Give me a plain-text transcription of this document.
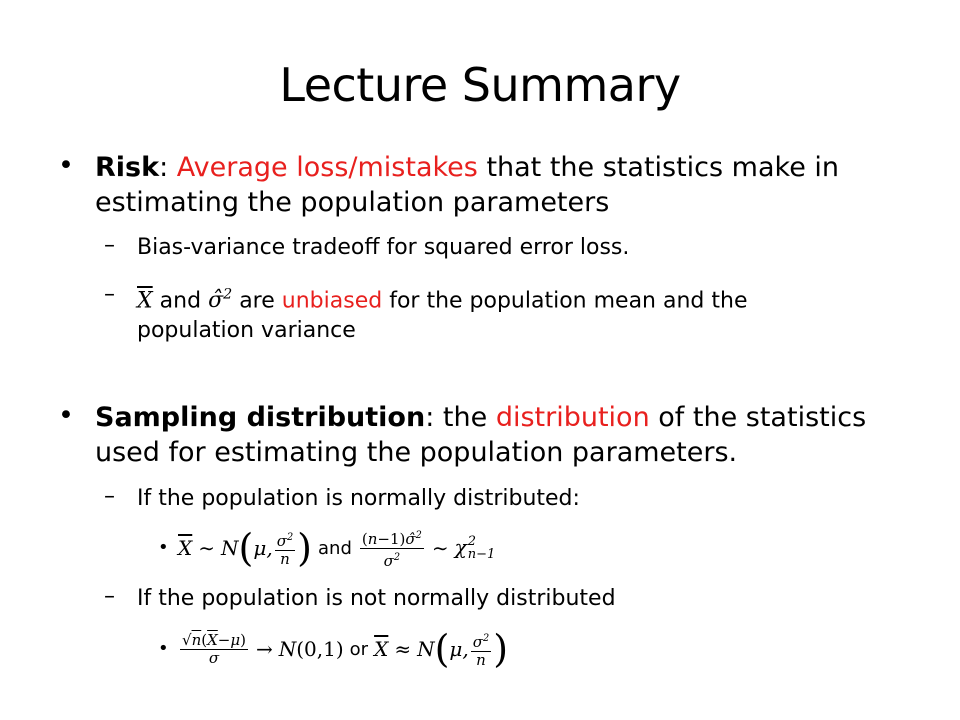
Lecture Summary
• Risk: Average loss/mistakes that the statistics make in
estimating the population parameters
– Bias-variance tradeoff for squared error loss.
– $\overline{X}$ and σ̂$^2$ are unbiased for the population mean and the
population variance
• Sampling distribution: the distribution of the statistics
used for estimating the population parameters.
– If the population is normally distributed:
• $\overline{X}$ ∼ N ( μ, $\frac{\sigma^2}{n}$ ) and $\frac{(n-1)\sigmâ^2}{\sigma^2}$ ∼ χ 2
n−1
– If the population is not normally distributed
• $\frac{√n(\overline{X}-\mu)}{\sigma} \to N$ (0,1) or $\overline{X} \approx N$ ( μ, $\frac{\sigma^2}{n}$ )
